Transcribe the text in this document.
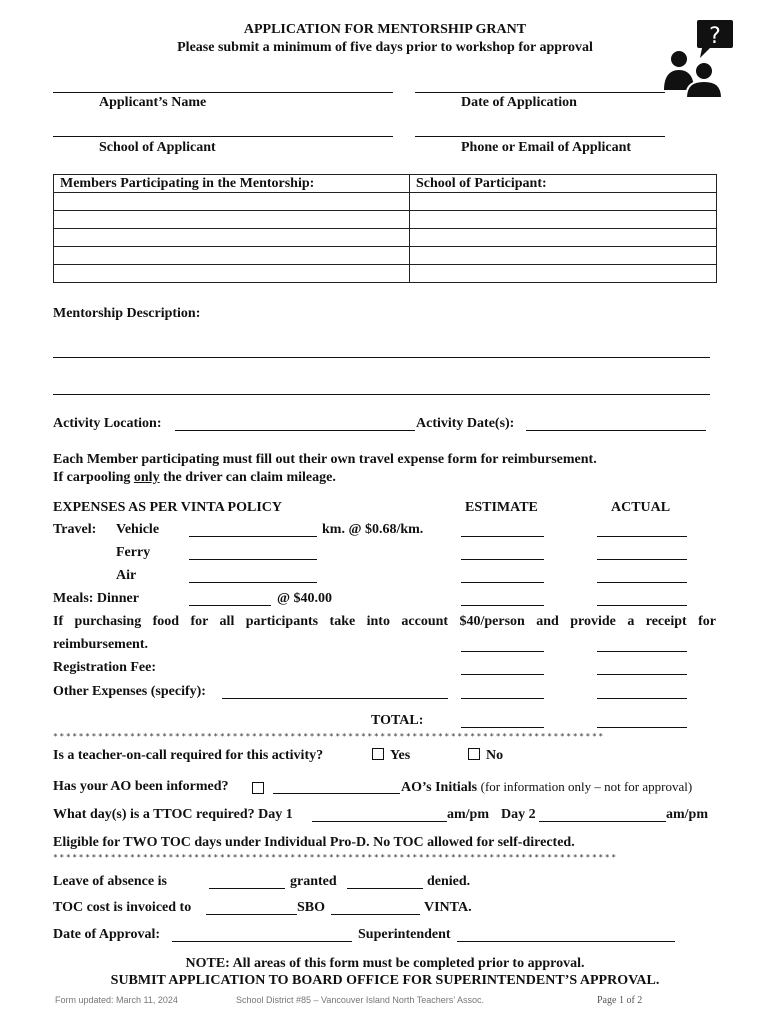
APPLICATION FOR MENTORSHIP GRANT
Please submit a minimum of five days prior to workshop for approval	?
Applicant’s Name	Date of Application
School of Applicant	Phone or Email of Applicant
Members Participating in the Mentorship:	School of Participant:

Mentorship Description:
Activity Location:	Activity Date(s):
Each Member participating must fill out their own travel expense form for reimbursement.
If carpooling only the driver can claim mileage.
EXPENSES AS PER VINTA POLICY	ESTIMATE	ACTUAL
Travel: Vehicle	km. @ $0.68/km.
Ferry
Air
Meals: Dinner	@ $40.00
If purchasing food for all participants take into account $40/person and provide a receipt for
reimbursement.
Registration Fee:
Other Expenses (specify):
TOTAL:
**************************************************************************************
Is a teacher-on-call required for this activity?	Yes	No
Has your AO been informed?	AO’s Initials (for information only – not for approval)
What day(s) is a TTOC required? Day 1	am/pm Day 2	am/pm
Eligible for TWO TOC days under Individual Pro-D. No TOC allowed for self-directed.
****************************************************************************************
Leave of absence is	granted	denied.
TOC cost is invoiced to	SBO	VINTA.
Date of Approval:	Superintendent
NOTE: All areas of this form must be completed prior to approval.
SUBMIT APPLICATION TO BOARD OFFICE FOR SUPERINTENDENT’S APPROVAL.
Form updated: March 11, 2024	School District #85 – Vancouver Island North Teachers’ Assoc.	Page 1 of 2
